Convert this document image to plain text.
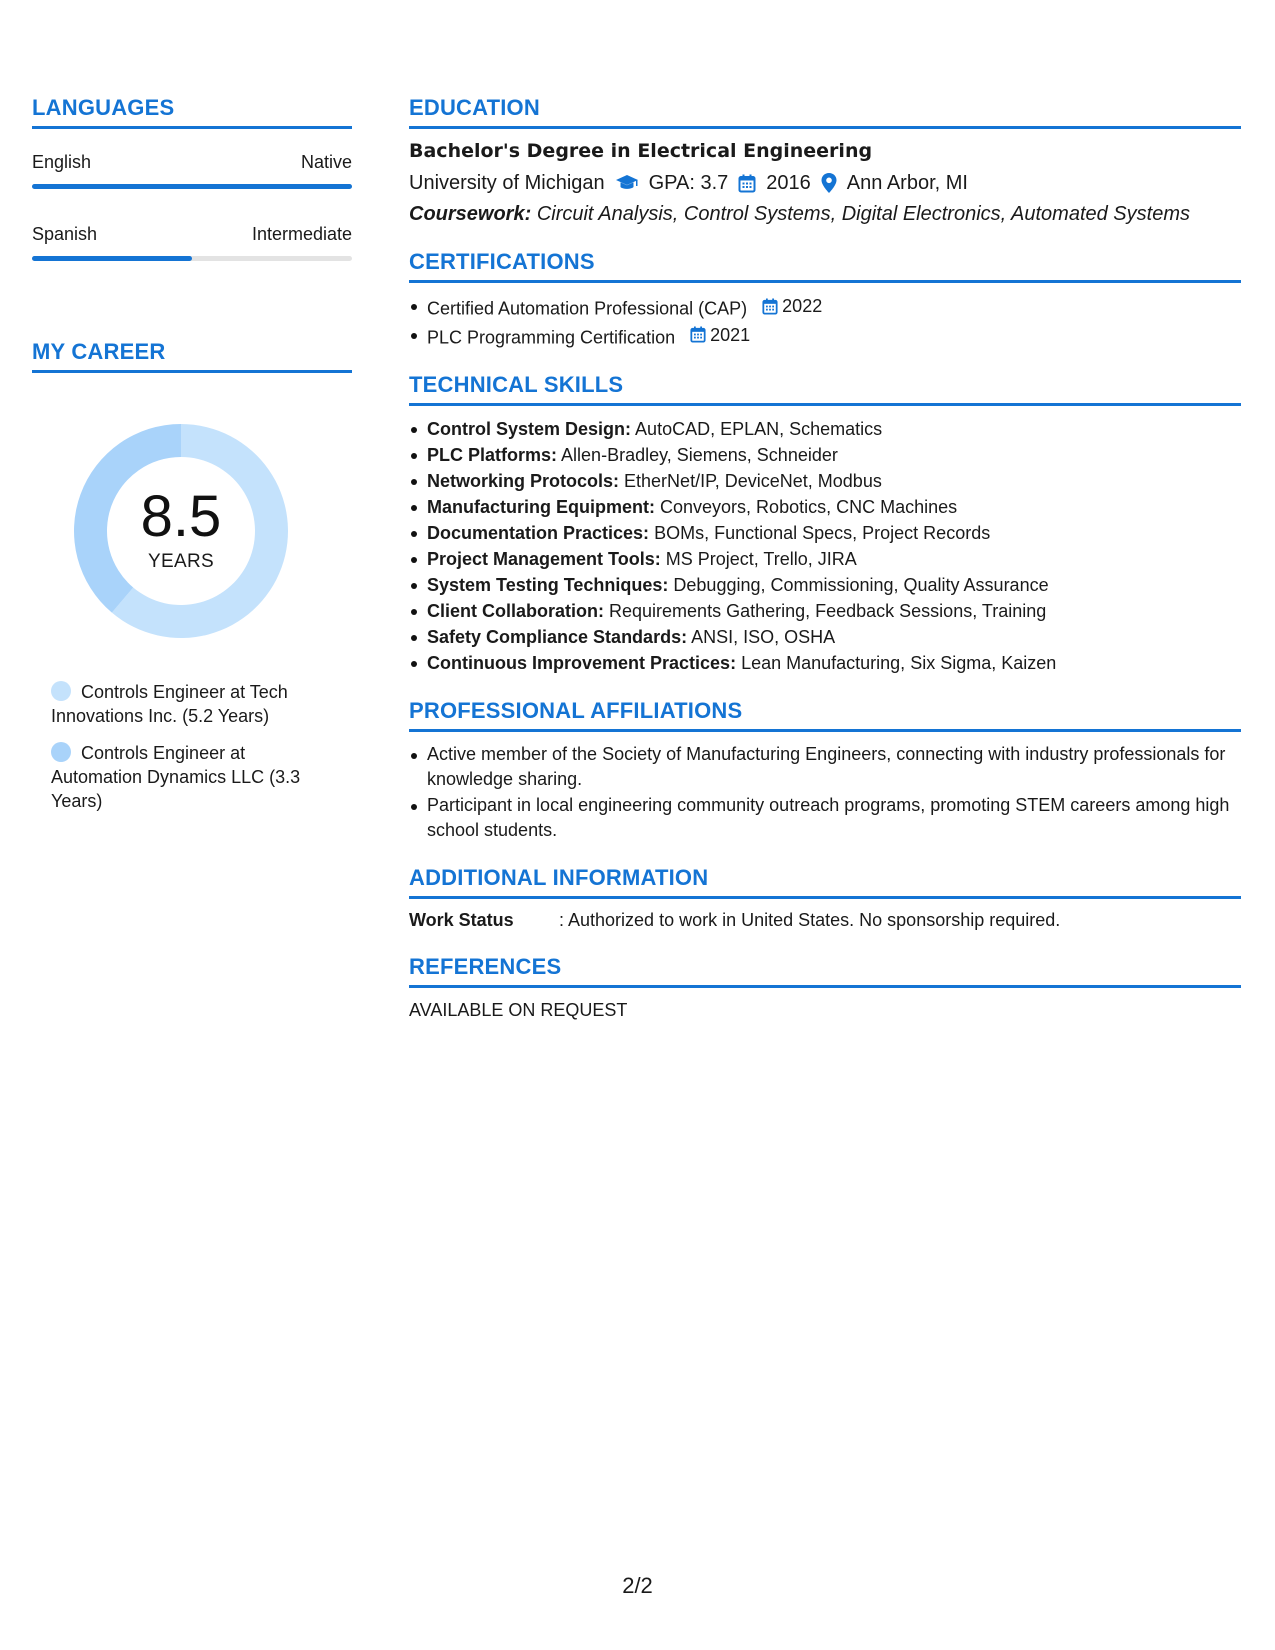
LANGUAGES
English	Native
Spanish	Intermediate
MY CAREER
8.5
YEARS
Controls Engineer at Tech Innovations Inc. (5.2 Years)
Controls Engineer at Automation Dynamics LLC (3.3 Years)
EDUCATION
Bachelor's Degree in Electrical Engineering
University of Michigan GPA: 3.7 2016 Ann Arbor, MI
Coursework: Circuit Analysis, Control Systems, Digital Electronics, Automated Systems
CERTIFICATIONS
Certified Automation Professional (CAP) 2022
PLC Programming Certification 2021
TECHNICAL SKILLS
Control System Design: AutoCAD, EPLAN, Schematics
PLC Platforms: Allen-Bradley, Siemens, Schneider
Networking Protocols: EtherNet/IP, DeviceNet, Modbus
Manufacturing Equipment: Conveyors, Robotics, CNC Machines
Documentation Practices: BOMs, Functional Specs, Project Records
Project Management Tools: MS Project, Trello, JIRA
System Testing Techniques: Debugging, Commissioning, Quality Assurance
Client Collaboration: Requirements Gathering, Feedback Sessions, Training
Safety Compliance Standards: ANSI, ISO, OSHA
Continuous Improvement Practices: Lean Manufacturing, Six Sigma, Kaizen
PROFESSIONAL AFFILIATIONS
Active member of the Society of Manufacturing Engineers, connecting with industry professionals for knowledge sharing.
Participant in local engineering community outreach programs, promoting STEM careers among high school students.
ADDITIONAL INFORMATION
Work Status	: Authorized to work in United States. No sponsorship required.
REFERENCES
AVAILABLE ON REQUEST
2/2
